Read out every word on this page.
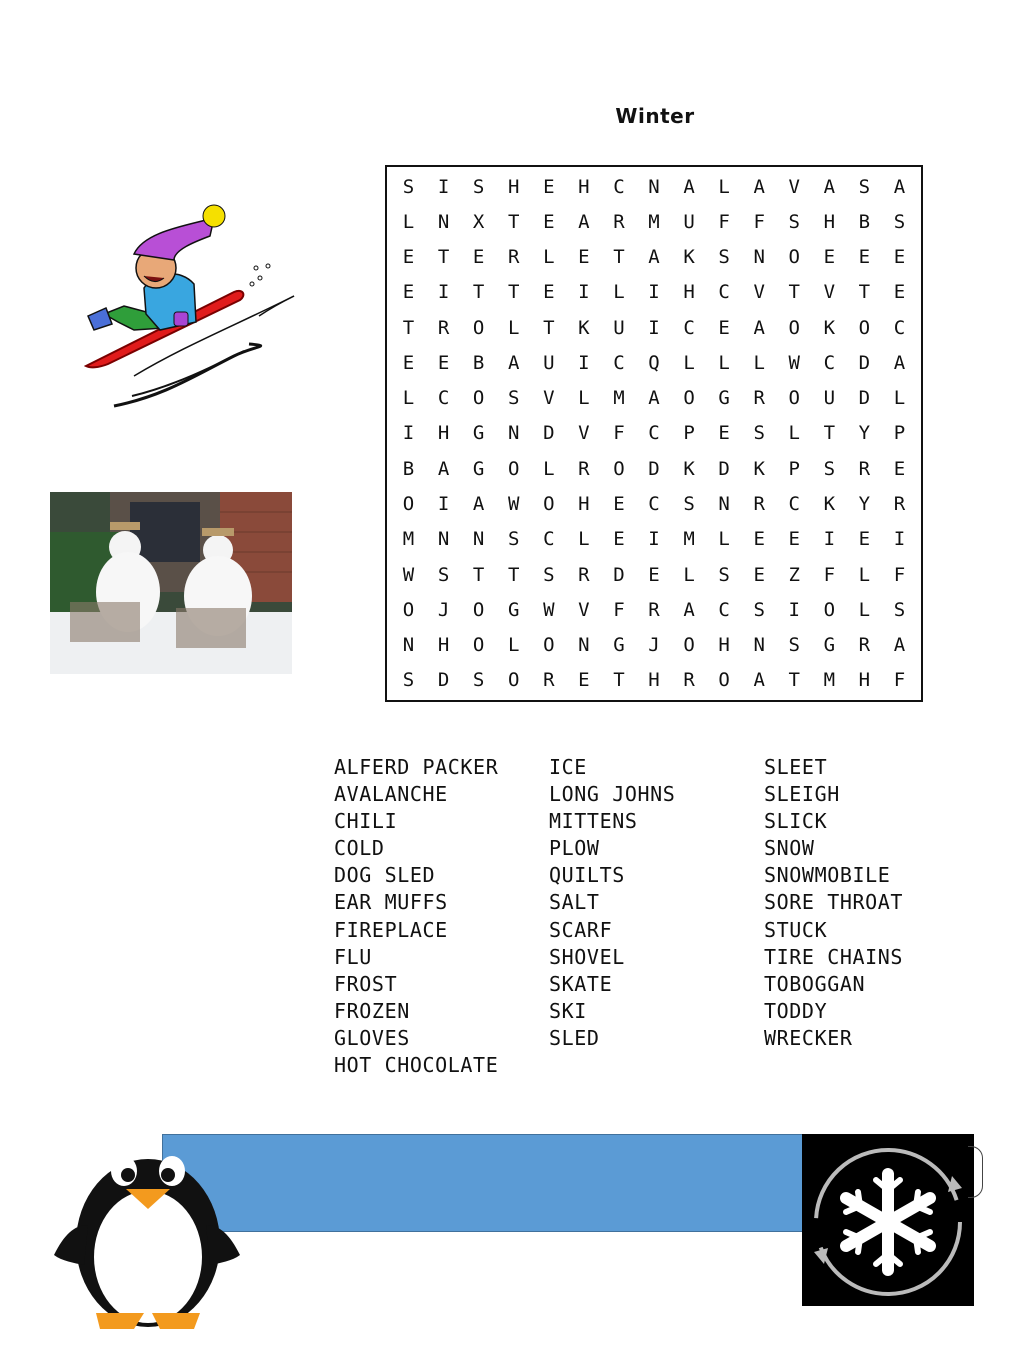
Winter
S	I	S	H	E	H	C	N	A	L	A	V	A	S	A
L	N	X	T	E	A	R	M	U	F	F	S	H	B	S
E	T	E	R	L	E	T	A	K	S	N	O	E	E	E
E	I	T	T	E	I	L	I	H	C	V	T	V	T	E
T	R	O	L	T	K	U	I	C	E	A	O	K	O	C
E	E	B	A	U	I	C	Q	L	L	L	W	C	D	A
L	C	O	S	V	L	M	A	O	G	R	O	U	D	L
I	H	G	N	D	V	F	C	P	E	S	L	T	Y	P
B	A	G	O	L	R	O	D	K	D	K	P	S	R	E
O	I	A	W	O	H	E	C	S	N	R	C	K	Y	R
M	N	N	S	C	L	E	I	M	L	E	E	I	E	I
W	S	T	T	S	R	D	E	L	S	E	Z	F	L	F
O	J	O	G	W	V	F	R	A	C	S	I	O	L	S
N	H	O	L	O	N	G	J	O	H	N	S	G	R	A
S	D	S	O	R	E	T	H	R	O	A	T	M	H	F
ALFERD PACKER
AVALANCHE
CHILI
COLD
DOG SLED
EAR MUFFS
FIREPLACE
FLU
FROST
FROZEN
GLOVES
HOT CHOCOLATE
ICE
LONG JOHNS
MITTENS
PLOW
QUILTS
SALT
SCARF
SHOVEL
SKATE
SKI
SLED
SLEET
SLEIGH
SLICK
SNOW
SNOWMOBILE
SORE THROAT
STUCK
TIRE CHAINS
TOBOGGAN
TODDY
WRECKER
